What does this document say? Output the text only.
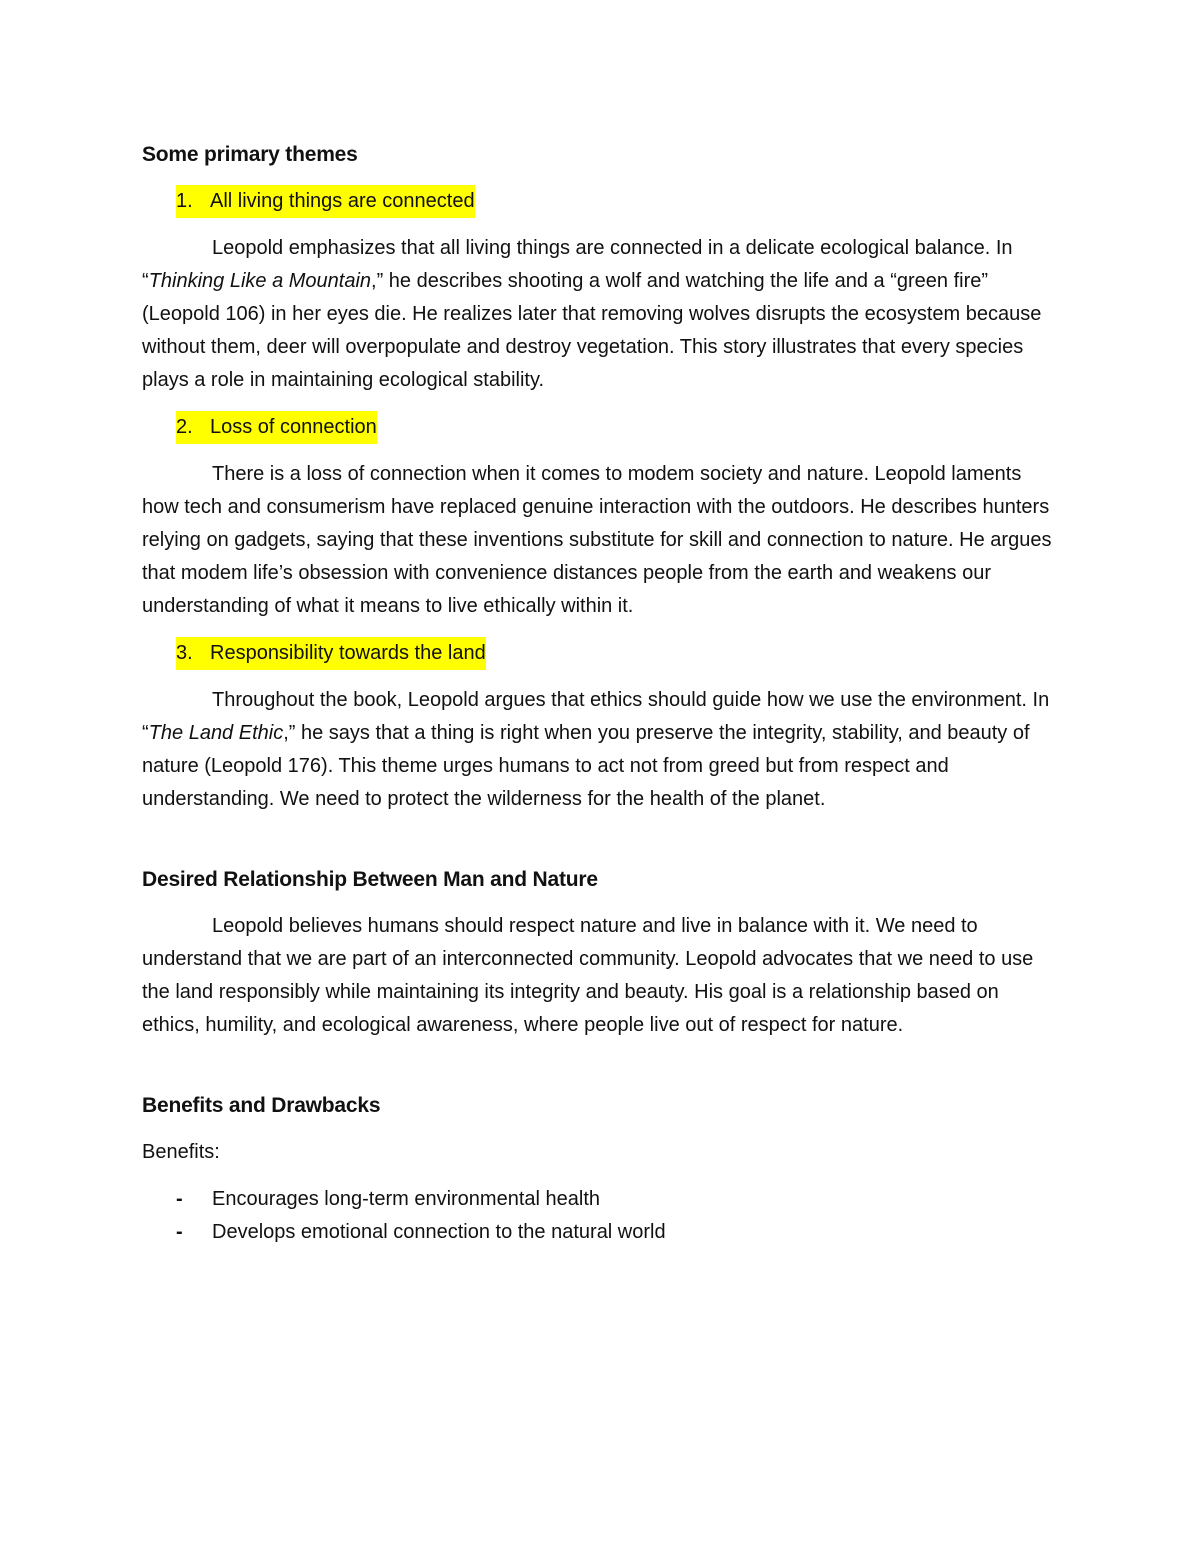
Some primary themes
1. All living things are connected

Leopold emphasizes that all living things are connected in a delicate ecological balance. In “Thinking Like a Mountain,” he describes shooting a wolf and watching the life and a “green fire” (Leopold 106) in her eyes die. He realizes later that removing wolves disrupts the ecosystem because without them, deer will overpopulate and destroy vegetation. This story illustrates that every species plays a role in maintaining ecological stability.

2. Loss of connection

There is a loss of connection when it comes to modem society and nature. Leopold laments how tech and consumerism have replaced genuine interaction with the outdoors. He describes hunters relying on gadgets, saying that these inventions substitute for skill and connection to nature. He argues that modem life’s obsession with convenience distances people from the earth and weakens our understanding of what it means to live ethically within it.

3. Responsibility towards the land

Throughout the book, Leopold argues that ethics should guide how we use the environment. In “The Land Ethic,” he says that a thing is right when you preserve the integrity, stability, and beauty of nature (Leopold 176). This theme urges humans to act not from greed but from respect and understanding. We need to protect the wilderness for the health of the planet.

Desired Relationship Between Man and Nature

Leopold believes humans should respect nature and live in balance with it. We need to understand that we are part of an interconnected community. Leopold advocates that we need to use the land responsibly while maintaining its integrity and beauty. His goal is a relationship based on ethics, humility, and ecological awareness, where people live out of respect for nature.

Benefits and Drawbacks

Benefits:

-	Encourages long-term environmental health
-	Develops emotional connection to the natural world
